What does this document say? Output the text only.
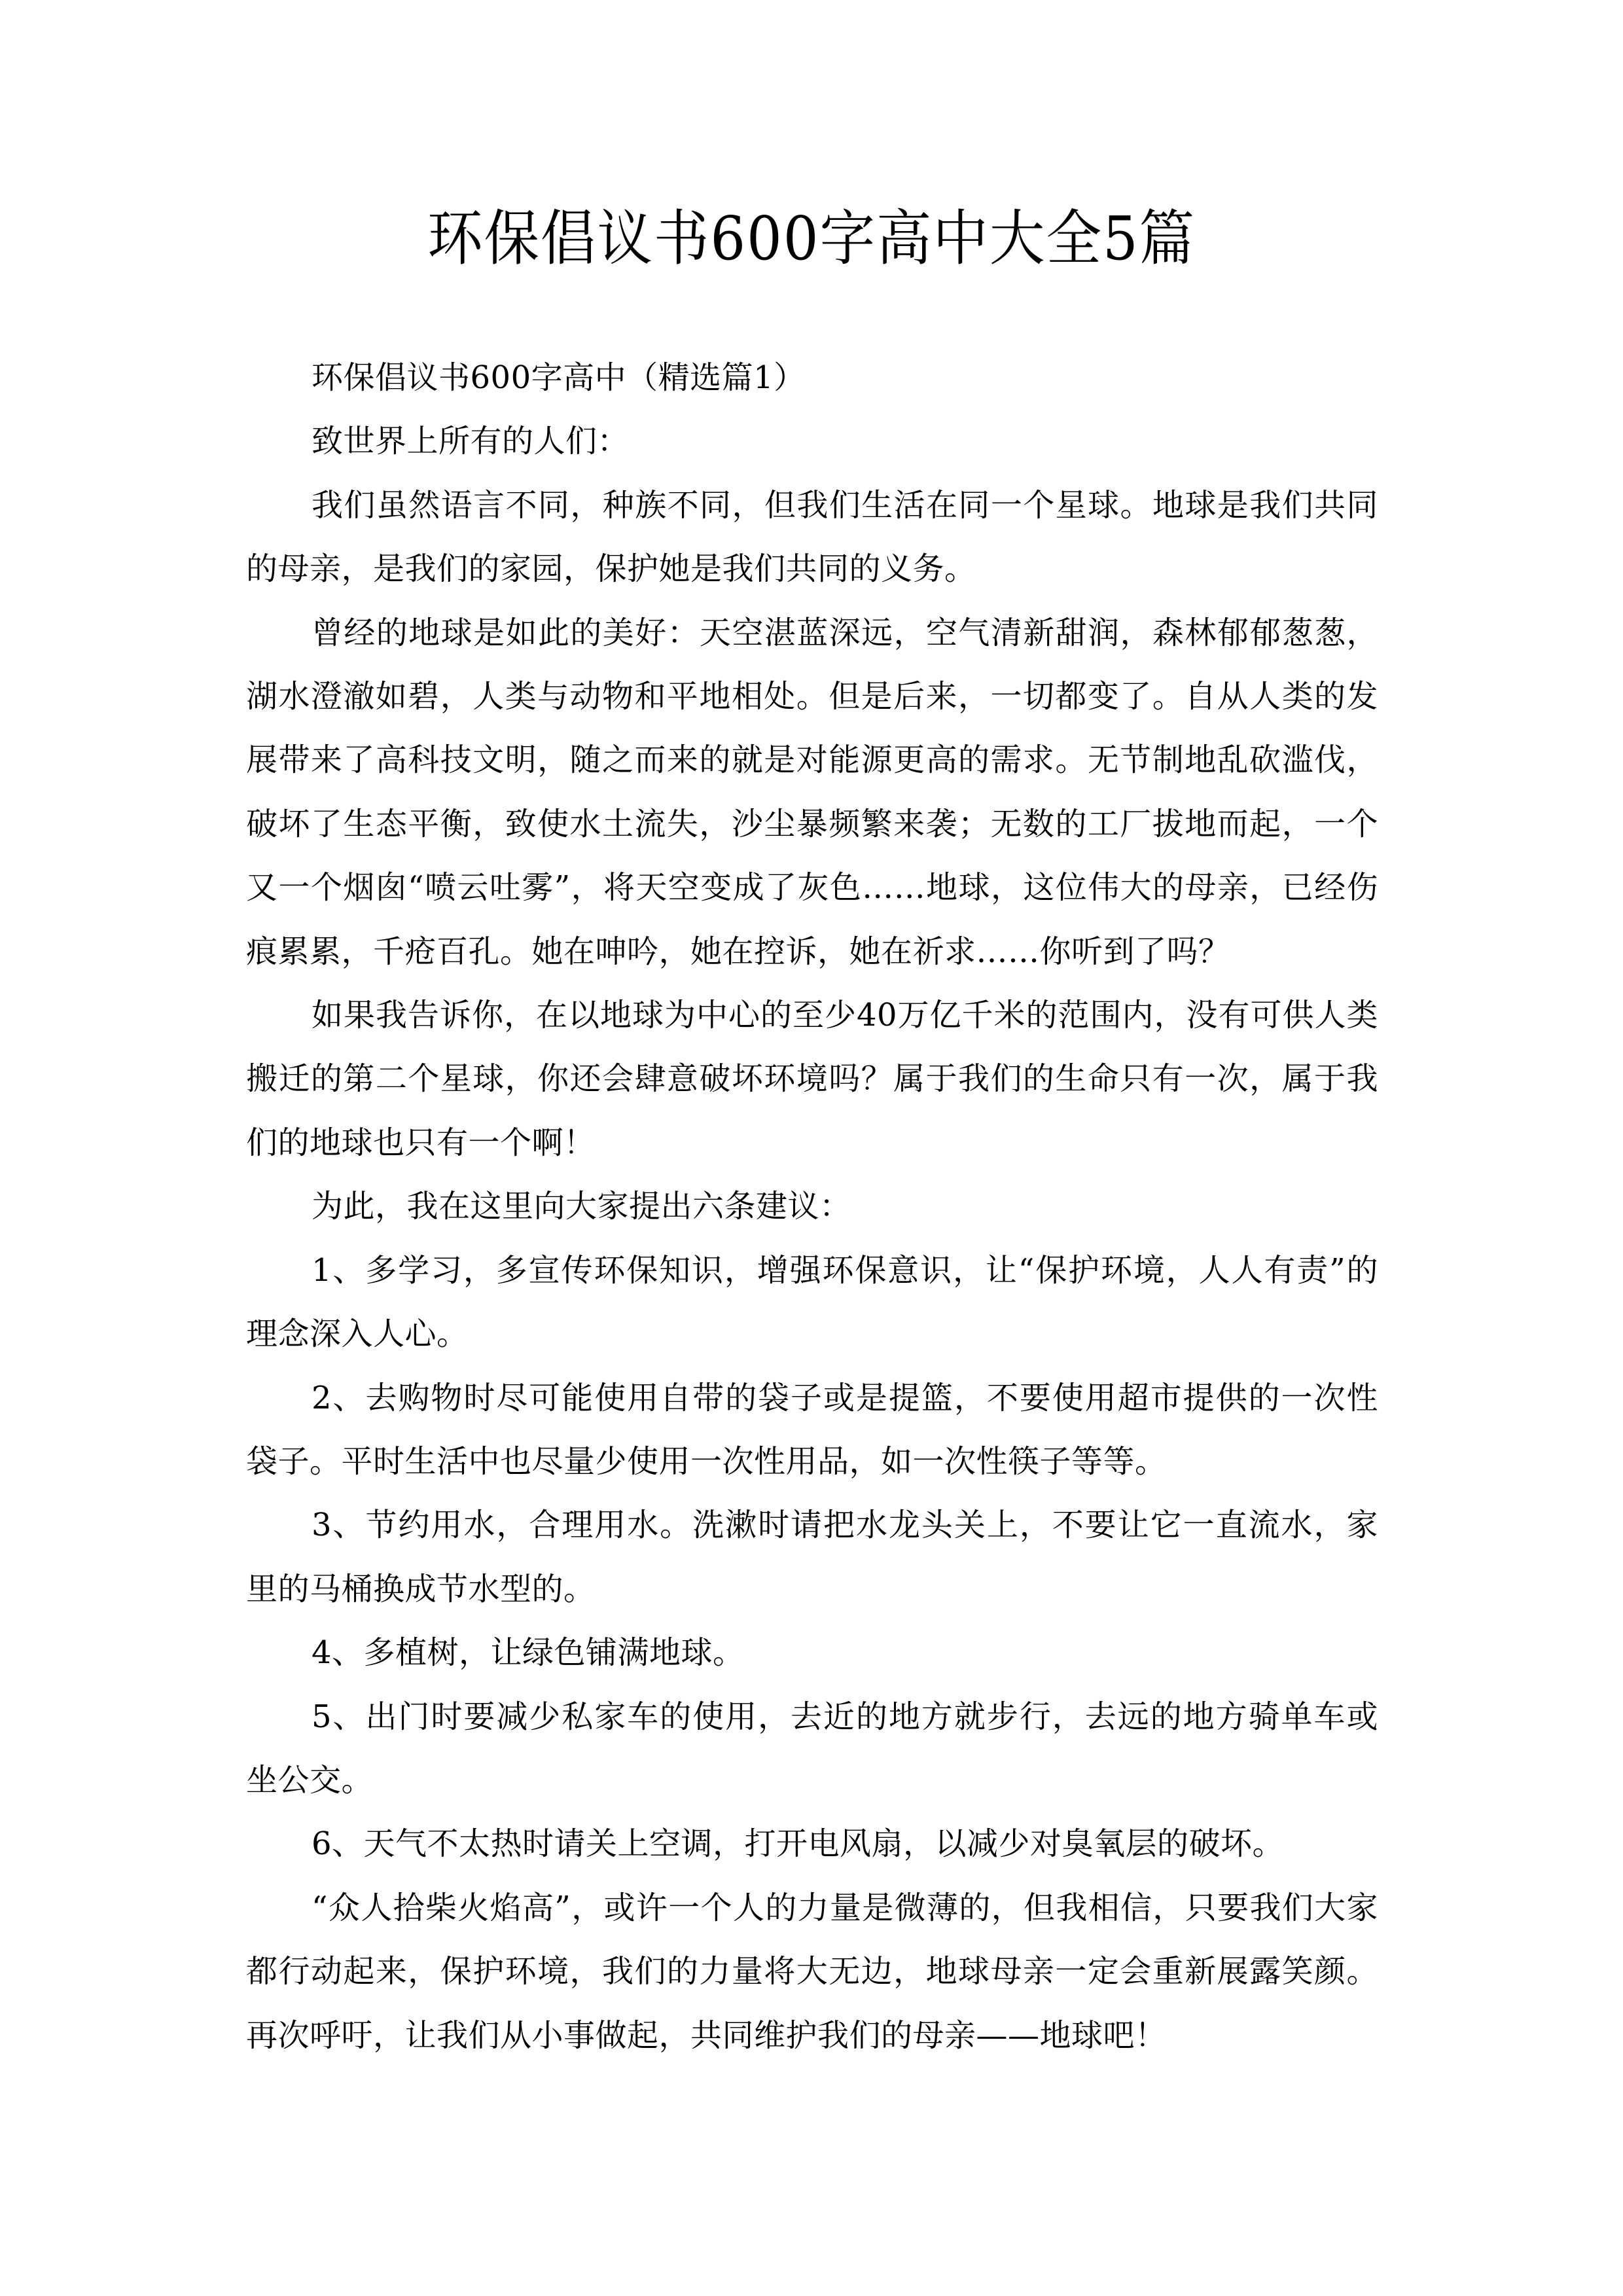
环保倡议书600字高中大全5篇

环保倡议书600字高中（精选篇1）

致世界上所有的人们：

我们虽然语言不同，种族不同，但我们生活在同一个星球。地球是我们共同的母亲，是我们的家园，保护她是我们共同的义务。

曾经的地球是如此的美好：天空湛蓝深远，空气清新甜润，森林郁郁葱葱，湖水澄澈如碧，人类与动物和平地相处。但是后来，一切都变了。自从人类的发展带来了高科技文明，随之而来的就是对能源更高的需求。无节制地乱砍滥伐，破坏了生态平衡，致使水土流失，沙尘暴频繁来袭；无数的工厂拔地而起，一个又一个烟囱“喷云吐雾”，将天空变成了灰色……地球，这位伟大的母亲，已经伤痕累累，千疮百孔。她在呻吟，她在控诉，她在祈求……你听到了吗？

如果我告诉你，在以地球为中心的至少40万亿千米的范围内，没有可供人类搬迁的第二个星球，你还会肆意破坏环境吗？属于我们的生命只有一次，属于我们的地球也只有一个啊！

为此，我在这里向大家提出六条建议：

1、多学习，多宣传环保知识，增强环保意识，让“保护环境，人人有责”的理念深入人心。

2、去购物时尽可能使用自带的袋子或是提篮，不要使用超市提供的一次性袋子。平时生活中也尽量少使用一次性用品，如一次性筷子等等。

3、节约用水，合理用水。洗漱时请把水龙头关上，不要让它一直流水，家里的马桶换成节水型的。

4、多植树，让绿色铺满地球。

5、出门时要减少私家车的使用，去近的地方就步行，去远的地方骑单车或坐公交。

6、天气不太热时请关上空调，打开电风扇，以减少对臭氧层的破坏。

“众人拾柴火焰高”，或许一个人的力量是微薄的，但我相信，只要我们大家都行动起来，保护环境，我们的力量将大无边，地球母亲一定会重新展露笑颜。再次呼吁，让我们从小事做起，共同维护我们的母亲——地球吧！
